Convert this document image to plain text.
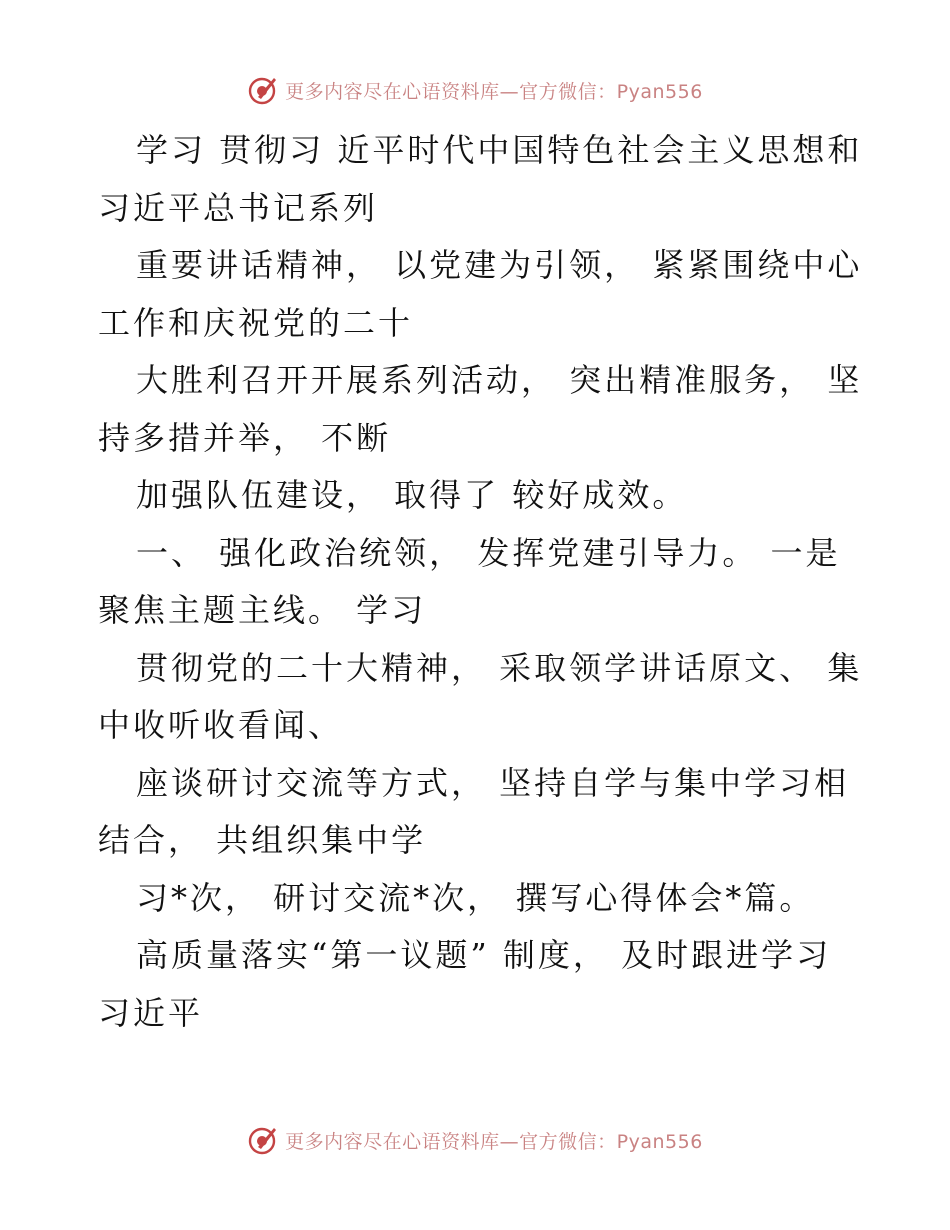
更多内容尽在心语资料库—官方微信：Pyan556

学习 贯彻习 近平时代中国特色社会主义思想和
习近平总书记系列

重要讲话精神， 以党建为引领， 紧紧围绕中心
工作和庆祝党的二十

大胜利召开开展系列活动， 突出精准服务， 坚
持多措并举， 不断

加强队伍建设， 取得了 较好成效。

一、 强化政治统领， 发挥党建引导力。 一是
聚焦主题主线。 学习

贯彻党的二十大精神， 采取领学讲话原文、 集
中收听收看闻、

座谈研讨交流等方式， 坚持自学与集中学习相
结合， 共组织集中学

习*次， 研讨交流*次， 撰写心得体会*篇。

高质量落实“第一议题” 制度， 及时跟进学习
习近平

更多内容尽在心语资料库—官方微信：Pyan556
